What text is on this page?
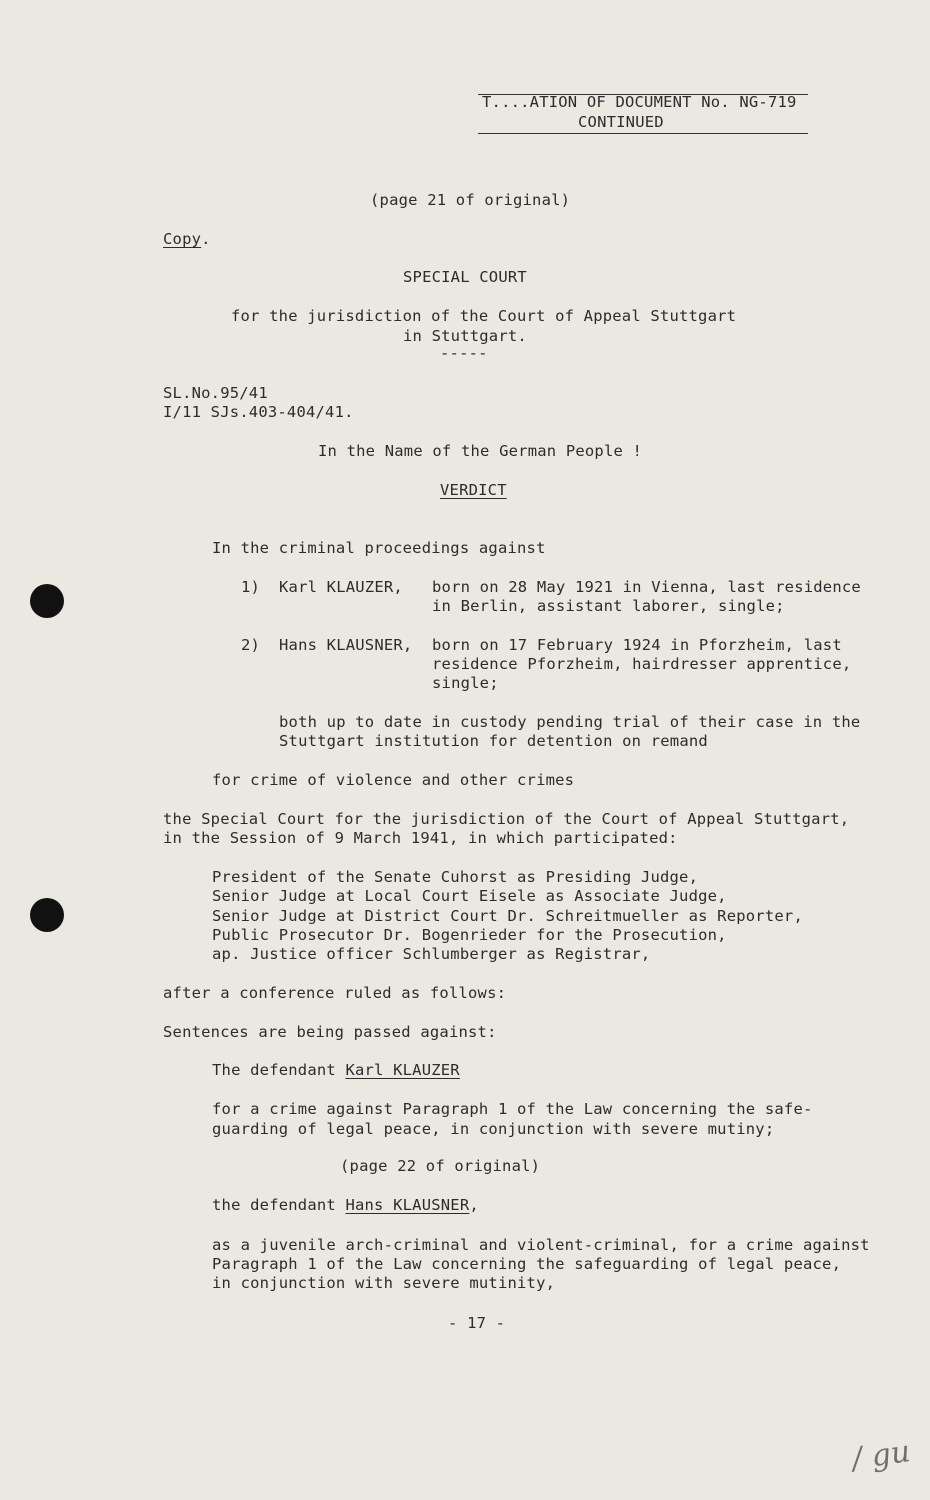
T....ATION OF DOCUMENT No. NG-719
CONTINUED
(page 21 of original)
Copy.
SPECIAL COURT
for the jurisdiction of the Court of Appeal Stuttgart
in Stuttgart.
-----
SL.No.95/41
I/11 SJs.403-404/41.
In the Name of the German People !
VERDICT
In the criminal proceedings against
1) Karl KLAUZER, born on 28 May 1921 in Vienna, last residence
in Berlin, assistant laborer, single;
2) Hans KLAUSNER, born on 17 February 1924 in Pforzheim, last
residence Pforzheim, hairdresser apprentice,
single;
both up to date in custody pending trial of their case in the
Stuttgart institution for detention on remand
for crime of violence and other crimes
the Special Court for the jurisdiction of the Court of Appeal Stuttgart,
in the Session of 9 March 1941, in which participated:
President of the Senate Cuhorst as Presiding Judge,
Senior Judge at Local Court Eisele as Associate Judge,
Senior Judge at District Court Dr. Schreitmueller as Reporter,
Public Prosecutor Dr. Bogenrieder for the Prosecution,
ap. Justice officer Schlumberger as Registrar,
after a conference ruled as follows:
Sentences are being passed against:
The defendant Karl KLAUZER
for a crime against Paragraph 1 of the Law concerning the safe-
guarding of legal peace, in conjunction with severe mutiny;
(page 22 of original)
the defendant Hans KLAUSNER,
as a juvenile arch-criminal and violent-criminal, for a crime against
Paragraph 1 of the Law concerning the safeguarding of legal peace,
in conjunction with severe mutinity,
- 17 -
/ gu
